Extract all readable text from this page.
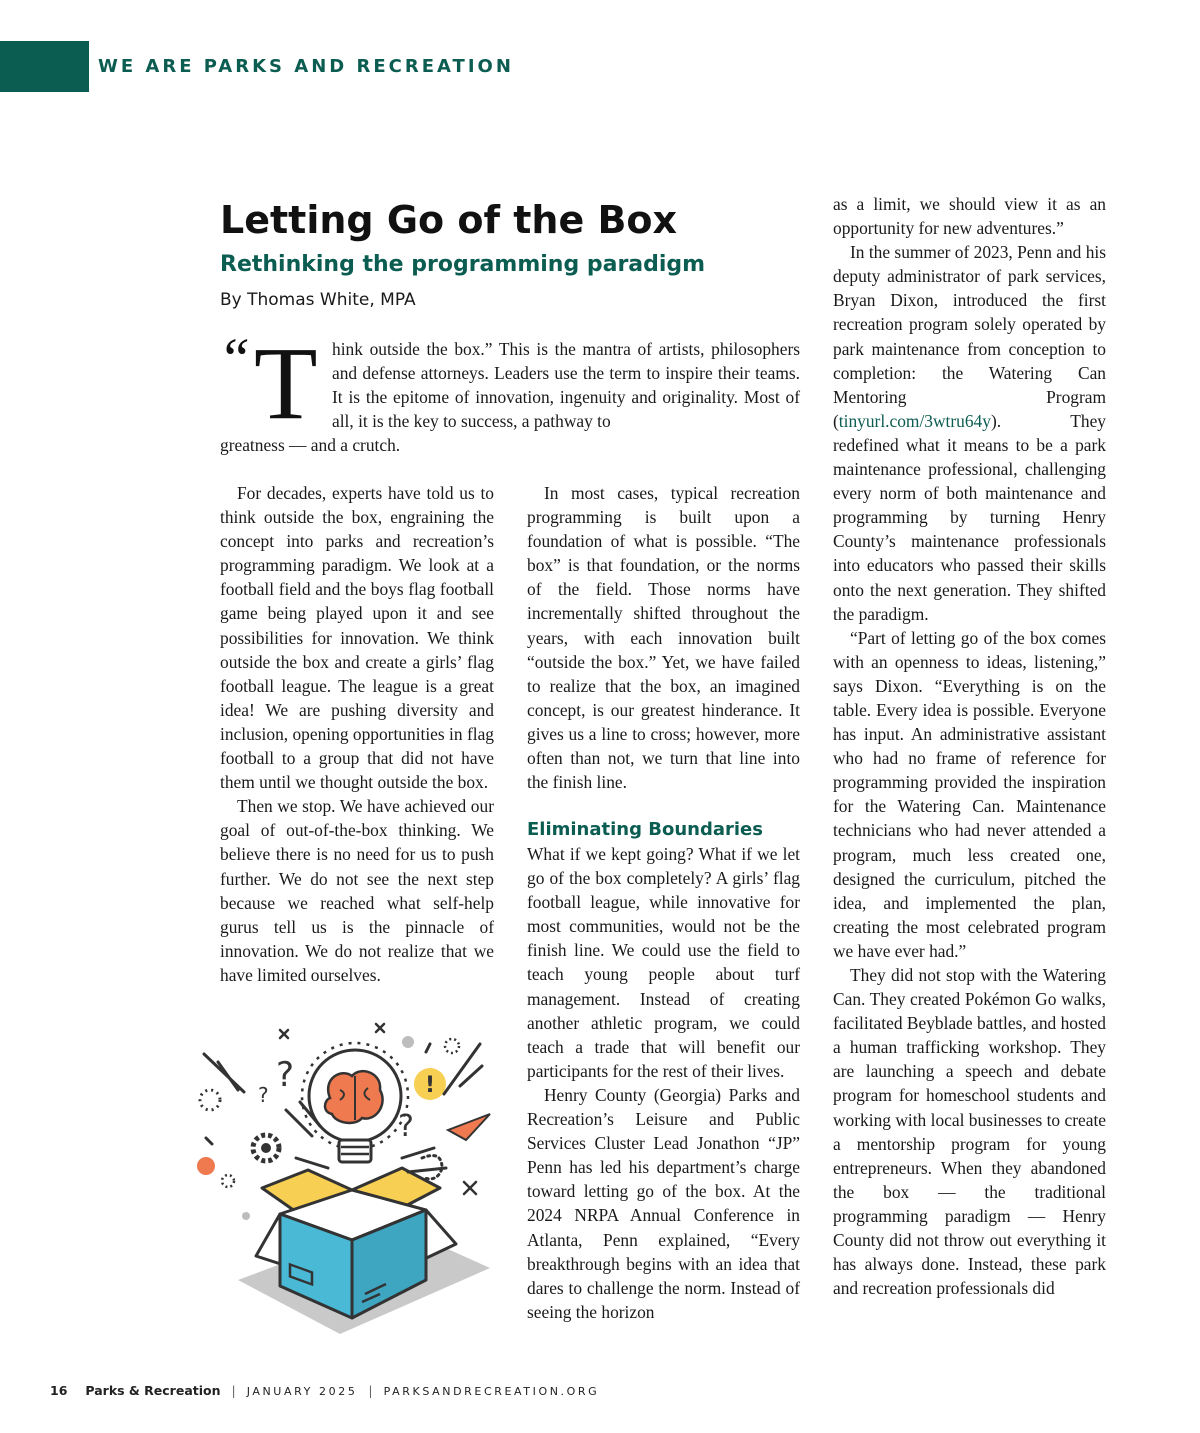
WE ARE PARKS AND RECREATION
Letting Go of the Box
Rethinking the programming paradigm
By Thomas White, MPA
“ T hink outside the box.” This is the mantra of artists, philosophers and defense attorneys. Leaders use the term to inspire their teams. It is the epitome of innovation, ingenuity and originality. Most of all, it is the key to success, a pathway to

greatness — and a crutch.

For decades, experts have told us to think outside the box, engraining the concept into parks and recreation’s programming paradigm. We look at a football field and the boys flag football game being played upon it and see possibilities for innovation. We think outside the box and create a girls’ flag football league. The league is a great idea! We are pushing diversity and inclusion, opening opportunities in flag football to a group that did not have them until we thought outside the box.

Then we stop. We have achieved our goal of out-of-the-box thinking. We believe there is no need for us to push further. We do not see the next step because we reached what self-help gurus tell us is the pinnacle of innovation. We do not realize that we have limited ourselves.

In most cases, typical recreation programming is built upon a foundation of what is possible. “The box” is that foundation, or the norms of the field. Those norms have incrementally shifted throughout the years, with each innovation built “outside the box.” Yet, we have failed to realize that the box, an imagined concept, is our greatest hinderance. It gives us a line to cross; however, more often than not, we turn that line into the finish line.

Eliminating Boundaries

What if we kept going? What if we let go of the box completely? A girls’ flag football league, while innovative for most communities, would not be the finish line. We could use the field to teach young people about turf management. Instead of creating another athletic program, we could teach a trade that will benefit our participants for the rest of their lives.

Henry County (Georgia) Parks and Recreation’s Leisure and Public Services Cluster Lead Jonathon “JP” Penn has led his department’s charge toward letting go of the box. At the 2024 NRPA Annual Conference in Atlanta, Penn explained, “Every breakthrough begins with an idea that dares to challenge the norm. Instead of seeing the horizon

as a limit, we should view it as an opportunity for new adventures.”

In the summer of 2023, Penn and his deputy administrator of park services, Bryan Dixon, introduced the first recreation program solely operated by park maintenance from conception to completion: the Watering Can Mentoring Program (tinyurl.com/3wtru64y). They redefined what it means to be a park maintenance professional, challenging every norm of both maintenance and programming by turning Henry County’s maintenance professionals into educators who passed their skills onto the next generation. They shifted the paradigm.

“Part of letting go of the box comes with an openness to ideas, listening,” says Dixon. “Everything is on the table. Every idea is possible. Everyone has input. An administrative assistant who had no frame of reference for programming provided the inspiration for the Watering Can. Maintenance technicians who had never attended a program, much less created one, designed the curriculum, pitched the idea, and implemented the plan, creating the most celebrated program we have ever had.”

They did not stop with the Watering Can. They created Pokémon Go walks, facilitated Beyblade battles, and hosted a human trafficking workshop. They are launching a speech and debate program for homeschool students and working with local businesses to create a mentorship program for young entrepreneurs. When they abandoned the box — the traditional programming paradigm — Henry County did not throw out everything it has always done. Instead, these park and recreation professionals did

!
?
?
?
16 Parks & Recreation | JANUARY 2025 | PARKSANDRECREATION.ORG
